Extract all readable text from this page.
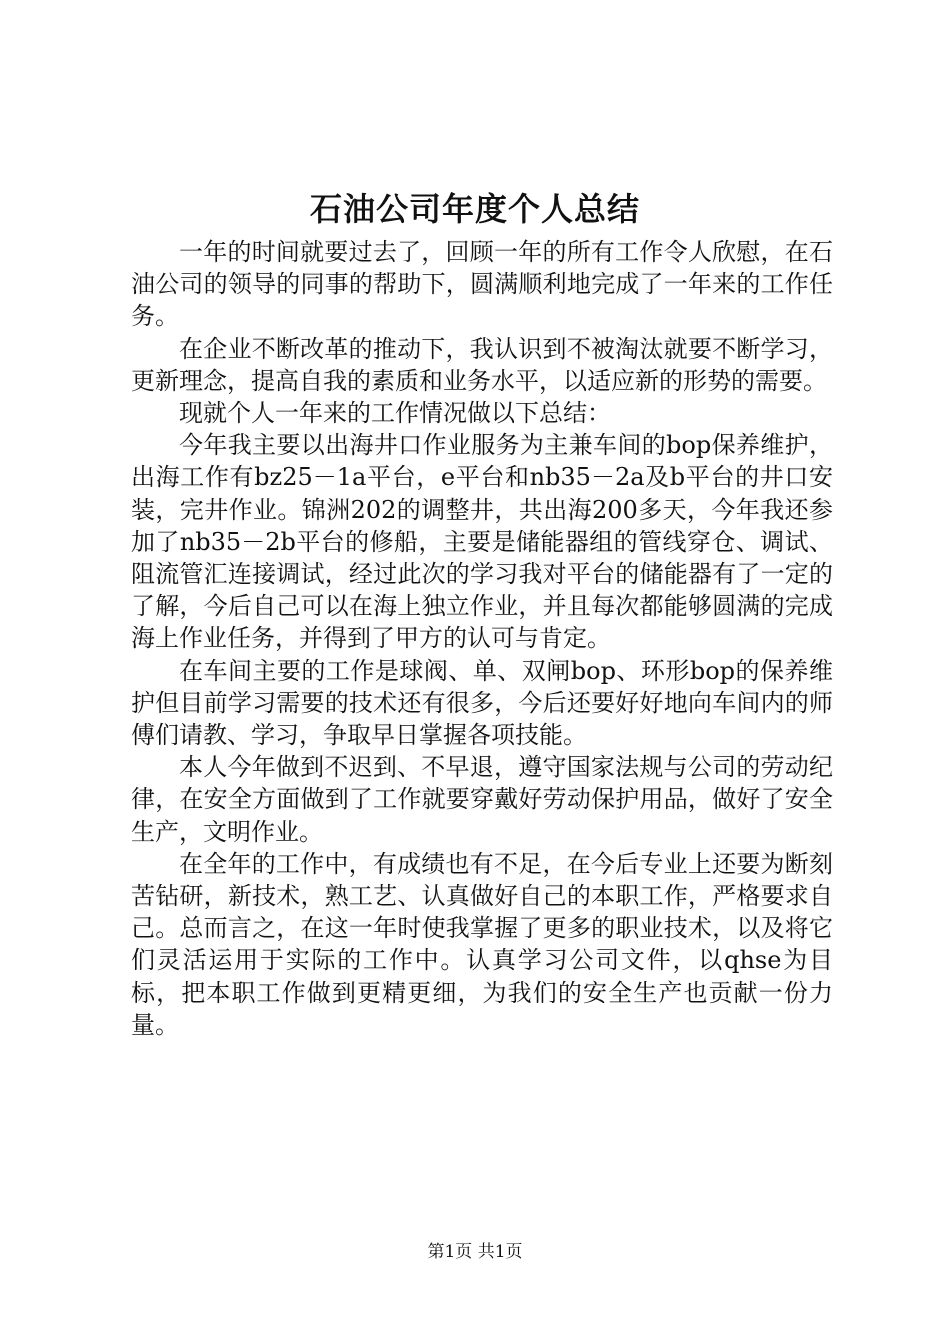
石油公司年度个人总结

一年的时间就要过去了，回顾一年的所有工作令人欣慰，在石油公司的领导的同事的帮助下，圆满顺利地完成了一年来的工作任务。

在企业不断改革的推动下，我认识到不被淘汰就要不断学习，更新理念，提高自我的素质和业务水平，以适应新的形势的需要。

现就个人一年来的工作情况做以下总结：

今年我主要以出海井口作业服务为主兼车间的bop保养维护，出海工作有bz25－1a平台，e平台和nb35－2a及b平台的井口安装，完井作业。锦洲202的调整井，共出海200多天，今年我还参加了nb35－2b平台的修船，主要是储能器组的管线穿仓、调试、阻流管汇连接调试，经过此次的学习我对平台的储能器有了一定的了解，今后自己可以在海上独立作业，并且每次都能够圆满的完成海上作业任务，并得到了甲方的认可与肯定。

在车间主要的工作是球阀、单、双闸bop、环形bop的保养维护但目前学习需要的技术还有很多，今后还要好好地向车间内的师傅们请教、学习，争取早日掌握各项技能。

本人今年做到不迟到、不早退，遵守国家法规与公司的劳动纪律，在安全方面做到了工作就要穿戴好劳动保护用品，做好了安全生产，文明作业。

在全年的工作中，有成绩也有不足，在今后专业上还要为断刻苦钻研，新技术，熟工艺、认真做好自己的本职工作，严格要求自己。总而言之，在这一年时使我掌握了更多的职业技术，以及将它们灵活运用于实际的工作中。认真学习公司文件，以qhse为目标，把本职工作做到更精更细，为我们的安全生产也贡献一份力量。

第1页 共1页
